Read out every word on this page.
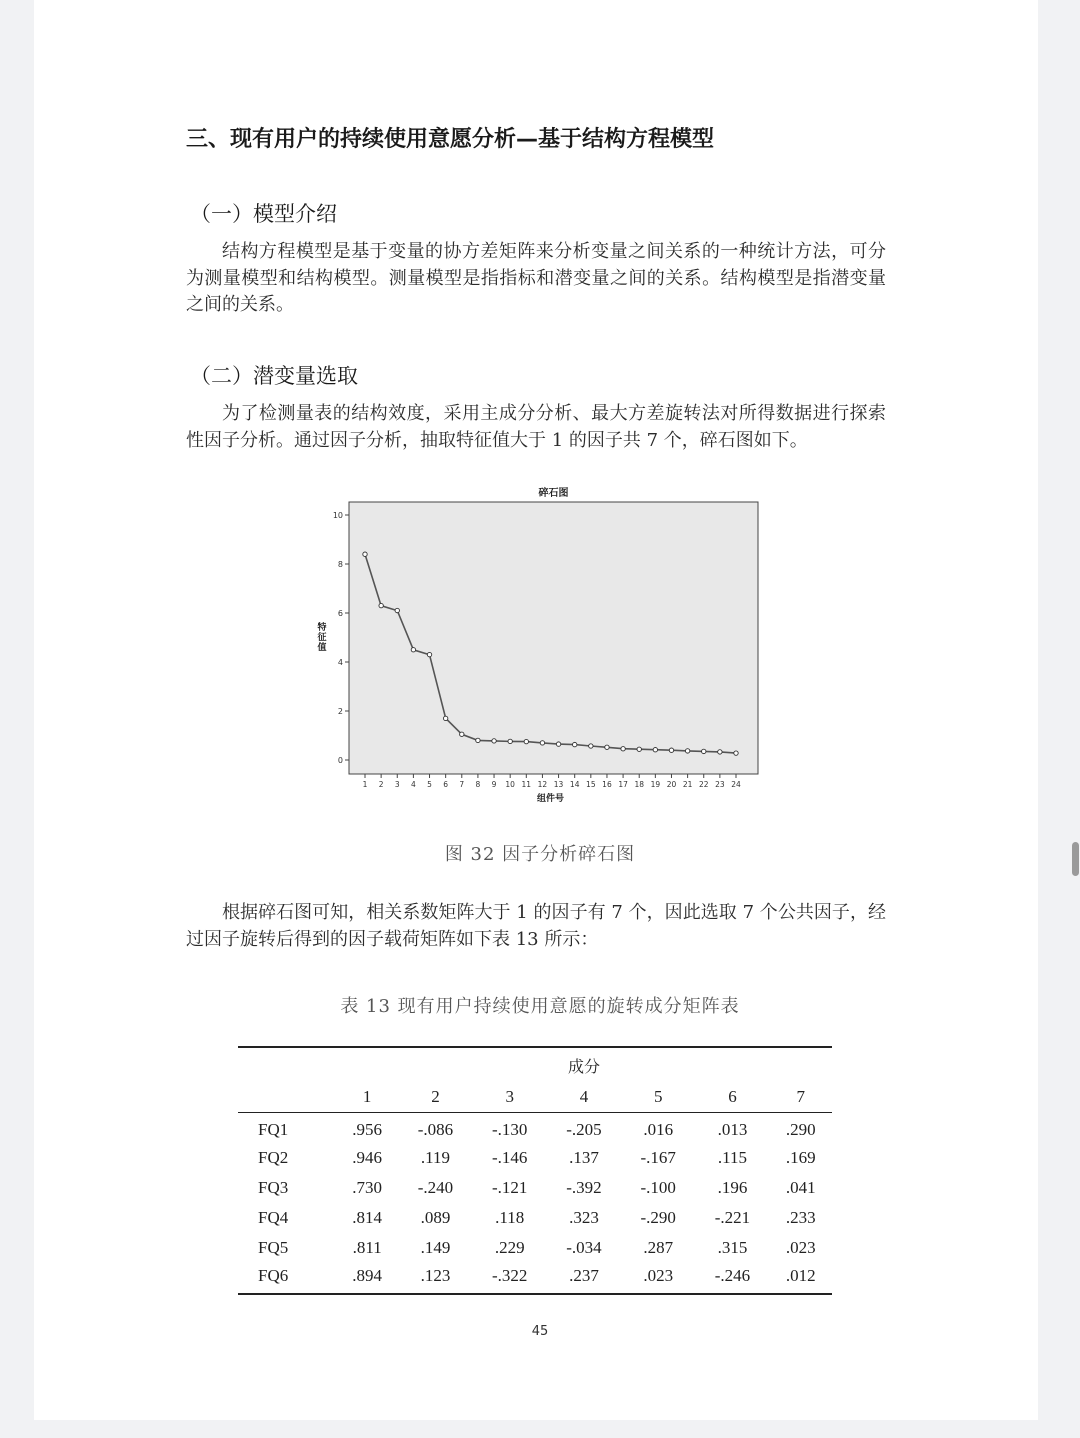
三、现有用户的持续使用意愿分析—基于结构方程模型
（一）模型介绍
结构方程模型是基于变量的协方差矩阵来分析变量之间关系的一种统计方法，可分为测量模型和结构模型。测量模型是指指标和潜变量之间的关系。结构模型是指潜变量之间的关系。
（二）潜变量选取
为了检测量表的结构效度，采用主成分分析、最大方差旋转法对所得数据进行探索性因子分析。通过因子分析，抽取特征值大于 1 的因子共 7 个，碎石图如下。
碎石图
0
2
4
6
8
10
1 2 3 4 5 6 7 8 9 10 11 12 13 14 15 16 17 18 19 20 21 22 23 24
特征值
组件号
图 32 因子分析碎石图
根据碎石图可知，相关系数矩阵大于 1 的因子有 7 个，因此选取 7 个公共因子，经过因子旋转后得到的因子载荷矩阵如下表 13 所示：
表 13 现有用户持续使用意愿的旋转成分矩阵表
	成分						
	1	2	3	4	5	6	7
FQ1	.956	-.086	-.130	-.205	.016	.013	.290
FQ2	.946	.119	-.146	.137	-.167	.115	.169
FQ3	.730	-.240	-.121	-.392	-.100	.196	.041
FQ4	.814	.089	.118	.323	-.290	-.221	.233
FQ5	.811	.149	.229	-.034	.287	.315	.023
FQ6	.894	.123	-.322	.237	.023	-.246	.012
45
